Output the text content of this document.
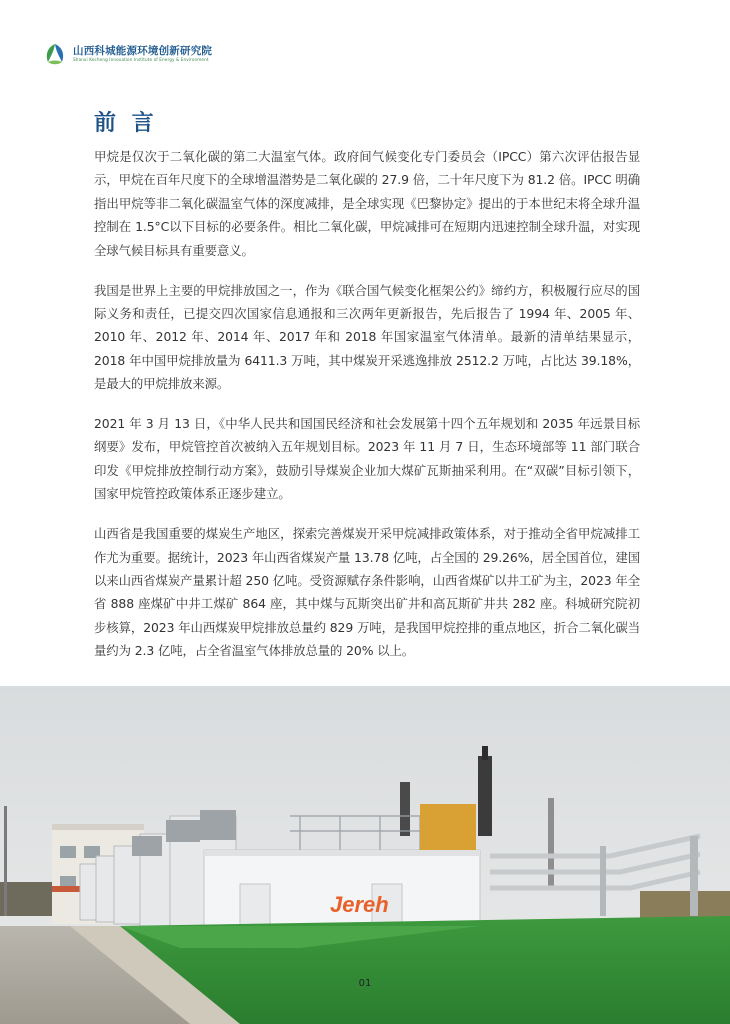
山西科城能源环境创新研究院
Shanxi Kecheng Innovation Institute of Energy & Environment
前 言

甲烷是仅次于二氧化碳的第二大温室气体。政府间气候变化专门委员会（IPCC）第六次评估报告显示，甲烷在百年尺度下的全球增温潜势是二氧化碳的 27.9 倍，二十年尺度下为 81.2 倍。IPCC 明确指出甲烷等非二氧化碳温室气体的深度减排，是全球实现《巴黎协定》提出的于本世纪末将全球升温控制在 1.5°C以下目标的必要条件。相比二氧化碳，甲烷减排可在短期内迅速控制全球升温，对实现全球气候目标具有重要意义。

我国是世界上主要的甲烷排放国之一，作为《联合国气候变化框架公约》缔约方，积极履行应尽的国际义务和责任，已提交四次国家信息通报和三次两年更新报告，先后报告了 1994 年、2005 年、2010 年、2012 年、2014 年、2017 年和 2018 年国家温室气体清单。最新的清单结果显示，2018 年中国甲烷排放量为 6411.3 万吨，其中煤炭开采逃逸排放 2512.2 万吨，占比达 39.18%，是最大的甲烷排放来源。

2021 年 3 月 13 日，《中华人民共和国国民经济和社会发展第十四个五年规划和 2035 年远景目标纲要》发布，甲烷管控首次被纳入五年规划目标。2023 年 11 月 7 日，生态环境部等 11 部门联合印发《甲烷排放控制行动方案》，鼓励引导煤炭企业加大煤矿瓦斯抽采利用。在“双碳”目标引领下，国家甲烷管控政策体系正逐步建立。

山西省是我国重要的煤炭生产地区，探索完善煤炭开采甲烷减排政策体系，对于推动全省甲烷减排工作尤为重要。据统计，2023 年山西省煤炭产量 13.78 亿吨，占全国的 29.26%，居全国首位，建国以来山西省煤炭产量累计超 250 亿吨。受资源赋存条件影响，山西省煤矿以井工矿为主，2023 年全省 888 座煤矿中井工煤矿 864 座，其中煤与瓦斯突出矿井和高瓦斯矿井共 282 座。科城研究院初步核算，2023 年山西煤炭甲烷排放总量约 829 万吨，是我国甲烷控排的重点地区，折合二氧化碳当量约为 2.3 亿吨，占全省温室气体排放总量的 20% 以上。

Jereh
01
